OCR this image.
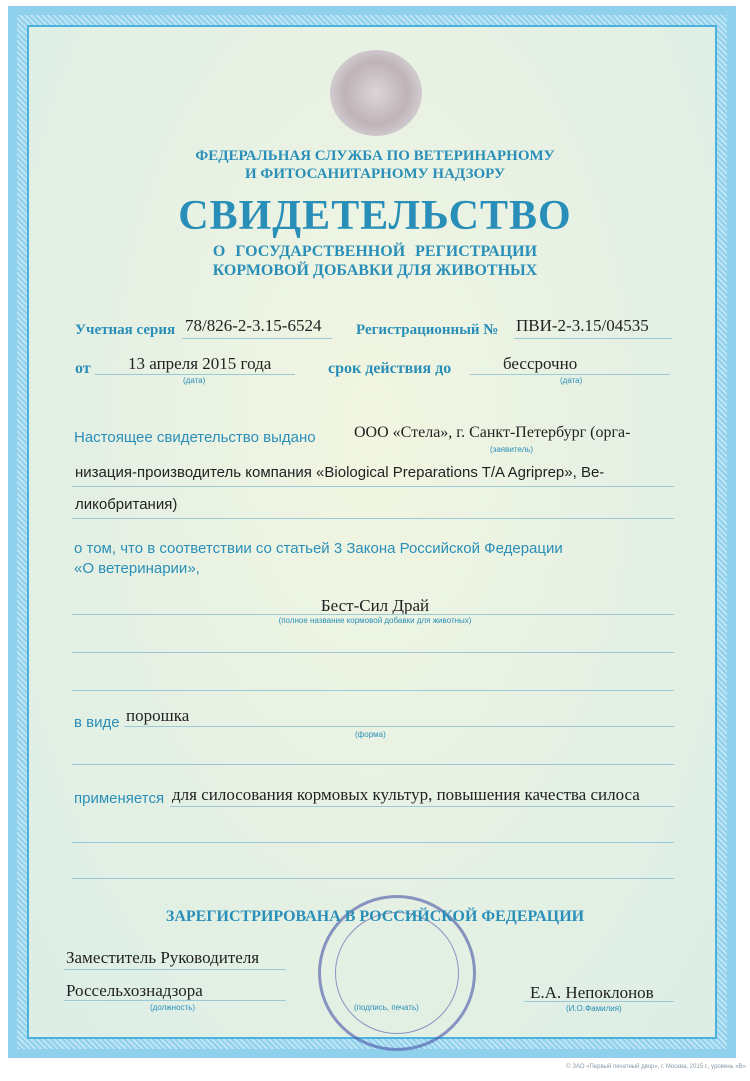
ФЕДЕРАЛЬНАЯ СЛУЖБА ПО ВЕТЕРИНАРНОМУ
И ФИТОСАНИТАРНОМУ НАДЗОРУ
СВИДЕТЕЛЬСТВО
О ГОСУДАРСТВЕННОЙ РЕГИСТРАЦИИ
КОРМОВОЙ ДОБАВКИ ДЛЯ ЖИВОТНЫХ
Учетная серия 78/826-2-3.15-6524 Регистрационный № ПВИ-2-3.15/04535
от 13 апреля 2015 года
(дата)
срок действия до	бессрочно
(дата)
Настоящее свидетельство выдано ООО «Стела», г. Санкт-Петербург (орга-
(заявитель)
низация-производитель компания «Biological Preparations T/A Agriprep», Ве-
ликобритания)
о том, что в соответствии со статьей 3 Закона Российской Федерации
«О ветеринарии»,
Бест-Сил Драй
(полное название кормовой добавки для животных)
в виде порошка
(форма)
применяется для силосования кормовых культур, повышения качества силоса
ЗАРЕГИСТРИРОВАНА В РОССИЙСКОЙ ФЕДЕРАЦИИ
Заместитель Руководителя
Россельхознадзора
(должность)	(подпись, печать)
Е.А. Непоклонов
(И.О.Фамилия)
© ЗАО «Первый печатный двор», г. Москва, 2015 г., уровень «В»
